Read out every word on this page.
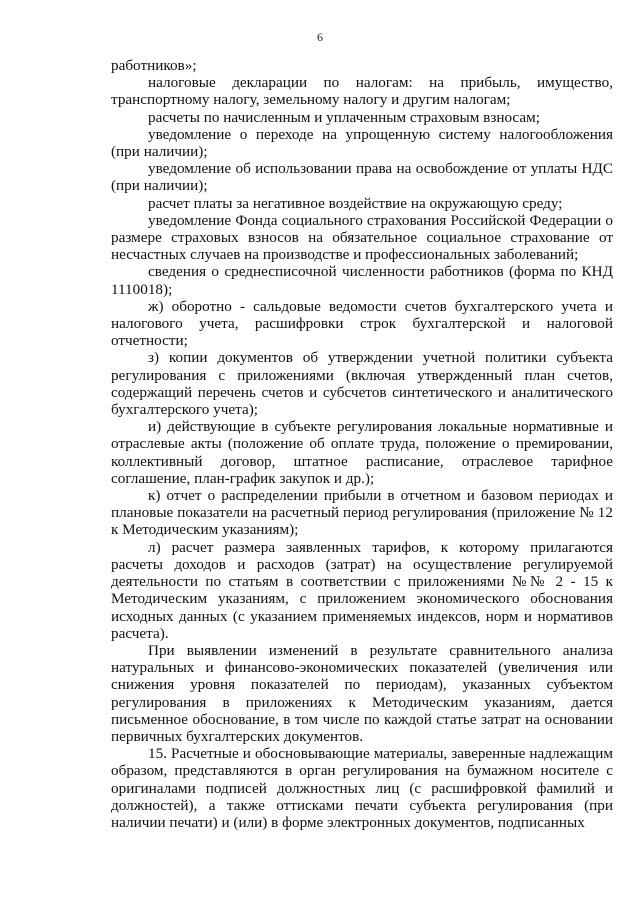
6

работников»;

налоговые декларации по налогам: на прибыль, имущество, транспортному налогу, земельному налогу и другим налогам;

расчеты по начисленным и уплаченным страховым взносам;

уведомление о переходе на упрощенную систему налогообложения (при наличии);

уведомление об использовании права на освобождение от уплаты НДС (при наличии);

расчет платы за негативное воздействие на окружающую среду;

уведомление Фонда социального страхования Российской Федерации о размере страховых взносов на обязательное социальное страхование от несчастных случаев на производстве и профессиональных заболеваний;

сведения о среднесписочной численности работников (форма по КНД 1110018);

ж) оборотно - сальдовые ведомости счетов бухгалтерского учета и налогового учета, расшифровки строк бухгалтерской и налоговой отчетности;

з) копии документов об утверждении учетной политики субъекта регулирования с приложениями (включая утвержденный план счетов, содержащий перечень счетов и субсчетов синтетического и аналитического бухгалтерского учета);

и) действующие в субъекте регулирования локальные нормативные и отраслевые акты (положение об оплате труда, положение о премировании, коллективный договор, штатное расписание, отраслевое тарифное соглашение, план-график закупок и др.);

к) отчет о распределении прибыли в отчетном и базовом периодах и плановые показатели на расчетный период регулирования (приложение № 12 к Методическим указаниям);

л) расчет размера заявленных тарифов, к которому прилагаются расчеты доходов и расходов (затрат) на осуществление регулируемой деятельности по статьям в соответствии с приложениями №№ 2 - 15 к Методическим указаниям, с приложением экономического обоснования исходных данных (с указанием применяемых индексов, норм и нормативов расчета).

При выявлении изменений в результате сравнительного анализа натуральных и финансово-экономических показателей (увеличения или снижения уровня показателей по периодам), указанных субъектом регулирования в приложениях к Методическим указаниям, дается письменное обоснование, в том числе по каждой статье затрат на основании первичных бухгалтерских документов.

15. Расчетные и обосновывающие материалы, заверенные надлежащим образом, представляются в орган регулирования на бумажном носителе с оригиналами подписей должностных лиц (с расшифровкой фамилий и должностей), а также оттисками печати субъекта регулирования (при наличии печати) и (или) в форме электронных документов, подписанных
